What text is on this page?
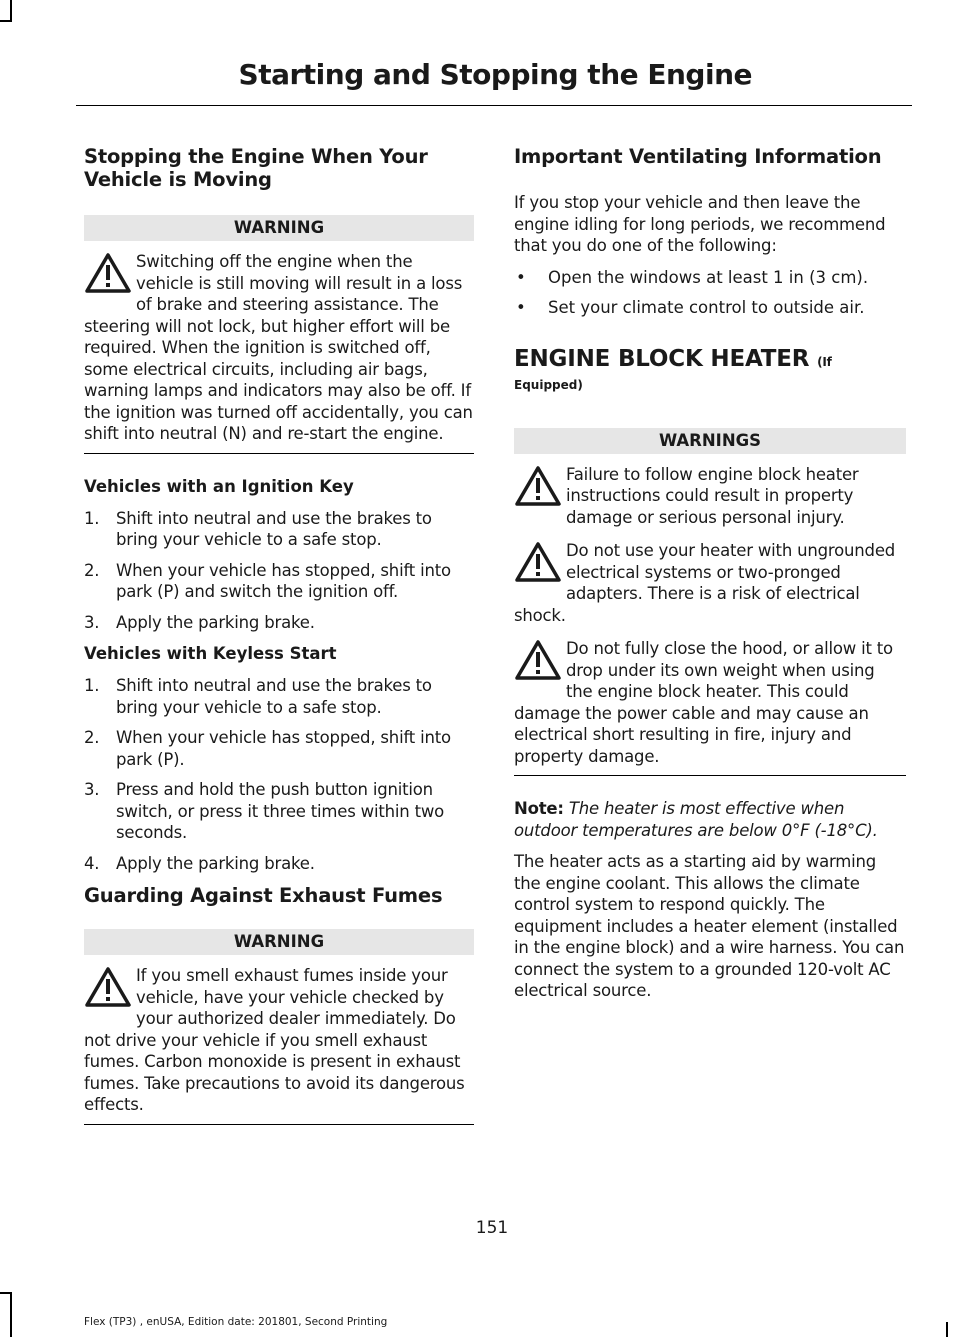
Starting and Stopping the Engine
Stopping the Engine When Your Vehicle is Moving
WARNING
Switching off the engine when the vehicle is still moving will result in a loss of brake and steering assistance. The steering will not lock, but higher effort will be required. When the ignition is switched off, some electrical circuits, including air bags, warning lamps and indicators may also be off. If the ignition was turned off accidentally, you can shift into neutral (N) and re-start the engine.
Vehicles with an Ignition Key
1. Shift into neutral and use the brakes to bring your vehicle to a safe stop.
2. When your vehicle has stopped, shift into park (P) and switch the ignition off.
3. Apply the parking brake.
Vehicles with Keyless Start
1. Shift into neutral and use the brakes to bring your vehicle to a safe stop.
2. When your vehicle has stopped, shift into park (P).
3. Press and hold the push button ignition switch, or press it three times within two seconds.
4. Apply the parking brake.
Guarding Against Exhaust Fumes
WARNING
If you smell exhaust fumes inside your vehicle, have your vehicle checked by your authorized dealer immediately. Do not drive your vehicle if you smell exhaust fumes. Carbon monoxide is present in exhaust fumes. Take precautions to avoid its dangerous effects.
Important Ventilating Information

If you stop your vehicle and then leave the engine idling for long periods, we recommend that you do one of the following:

• Open the windows at least 1 in (3 cm).
• Set your climate control to outside air.
ENGINE BLOCK HEATER (If
Equipped)
WARNINGS
Failure to follow engine block heater instructions could result in property damage or serious personal injury.
Do not use your heater with ungrounded electrical systems or two-pronged adapters. There is a risk of electrical shock.
Do not fully close the hood, or allow it to drop under its own weight when using the engine block heater. This could damage the power cable and may cause an electrical short resulting in fire, injury and property damage.

Note: The heater is most effective when outdoor temperatures are below 0°F (-18°C).

The heater acts as a starting aid by warming the engine coolant. This allows the climate control system to respond quickly. The equipment includes a heater element (installed in the engine block) and a wire harness. You can connect the system to a grounded 120-volt AC electrical source.

151
Flex (TP3) , enUSA, Edition date: 201801, Second Printing
